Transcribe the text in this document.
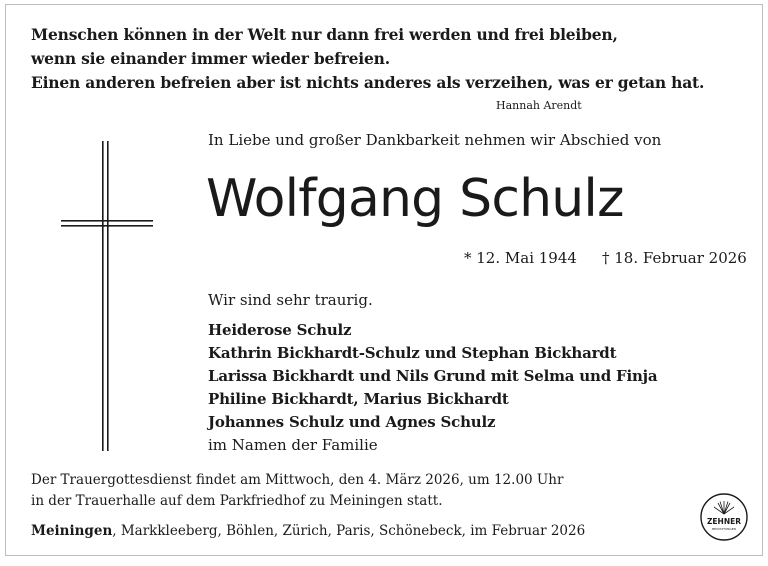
Menschen können in der Welt nur dann frei werden und frei bleiben,
wenn sie einander immer wieder befreien.
Einen anderen befreien aber ist nichts anderes als verzeihen, was er getan hat.
Hannah Arendt
In Liebe und großer Dankbarkeit nehmen wir Abschied von
Wolfgang Schulz
* 12. Mai 1944 † 18. Februar 2026
Wir sind sehr traurig.
Heiderose Schulz
Kathrin Bickhardt-Schulz und Stephan Bickhardt
Larissa Bickhardt und Nils Grund mit Selma und Finja
Philine Bickhardt, Marius Bickhardt
Johannes Schulz und Agnes Schulz
im Namen der Familie
Der Trauergottesdienst findet am Mittwoch, den 4. März 2026, um 12.00 Uhr
in der Trauerhalle auf dem Parkfriedhof zu Meiningen statt.
Meiningen, Markkleeberg, Böhlen, Zürich, Paris, Schönebeck, im Februar 2026
ZEHNER
BESTATTUNGEN
